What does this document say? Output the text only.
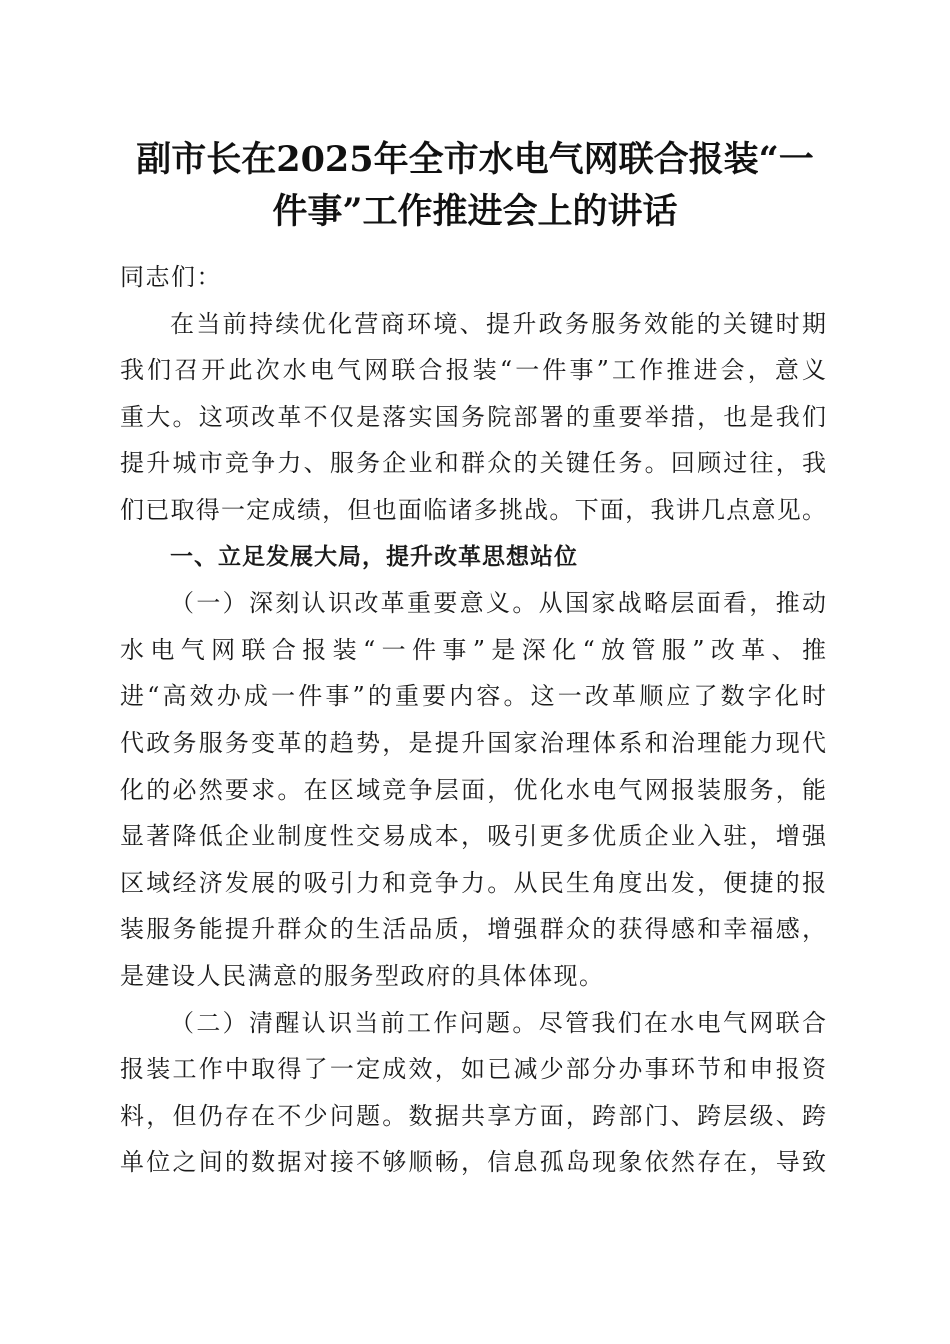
副市长在2025年全市水电气网联合报装“一
件事”工作推进会上的讲话
同志们：
在当前持续优化营商环境、提升政务服务效能的关键时期
我们召开此次水电气网联合报装“一件事”工作推进会，意义
重大。这项改革不仅是落实国务院部署的重要举措，也是我们
提升城市竞争力、服务企业和群众的关键任务。回顾过往，我
们已取得一定成绩，但也面临诸多挑战。下面，我讲几点意见。
一、立足发展大局，提升改革思想站位
（一）深刻认识改革重要意义。从国家战略层面看，推动
水电气网联合报装“一件事”是深化“放管服”改革、推
进“高效办成一件事”的重要内容。这一改革顺应了数字化时
代政务服务变革的趋势，是提升国家治理体系和治理能力现代
化的必然要求。在区域竞争层面，优化水电气网报装服务，能
显著降低企业制度性交易成本，吸引更多优质企业入驻，增强
区域经济发展的吸引力和竞争力。从民生角度出发，便捷的报
装服务能提升群众的生活品质，增强群众的获得感和幸福感，
是建设人民满意的服务型政府的具体体现。
（二）清醒认识当前工作问题。尽管我们在水电气网联合
报装工作中取得了一定成效，如已减少部分办事环节和申报资
料，但仍存在不少问题。数据共享方面，跨部门、跨层级、跨
单位之间的数据对接不够顺畅，信息孤岛现象依然存在，导致
